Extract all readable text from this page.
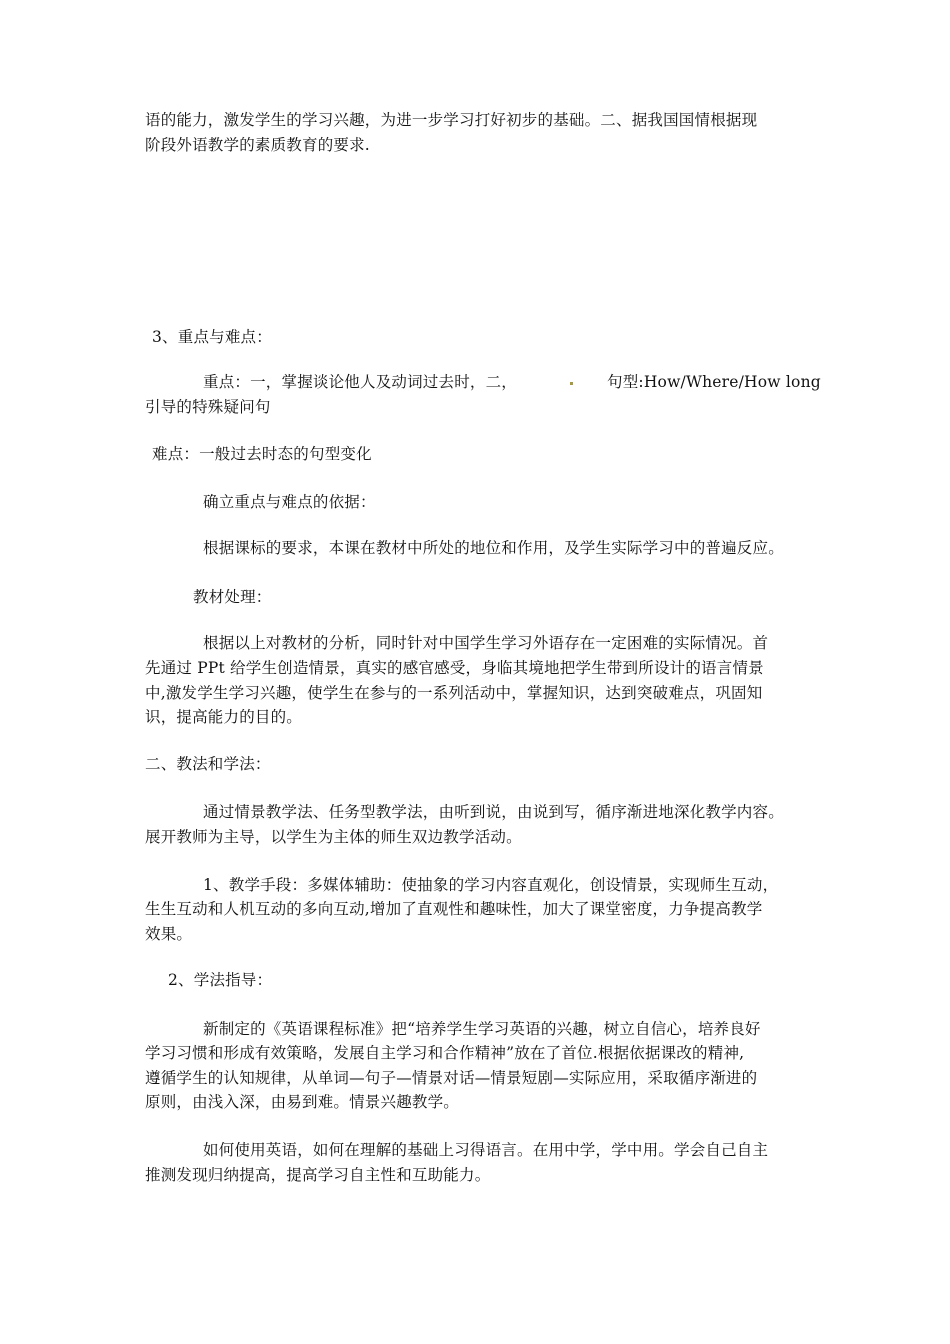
语的能力，激发学生的学习兴趣，为进一步学习打好初步的基础。二、据我国国情根据现
阶段外语教学的素质教育的要求.
3、重点与难点：
重点：一，掌握谈论他人及动词过去时，二，	句型:How/Where/How long
引导的特殊疑问句
难点：一般过去时态的句型变化
确立重点与难点的依据：
根据课标的要求，本课在教材中所处的地位和作用，及学生实际学习中的普遍反应。
教材处理：
根据以上对教材的分析，同时针对中国学生学习外语存在一定困难的实际情况。首
先通过 PPt 给学生创造情景，真实的感官感受，身临其境地把学生带到所设计的语言情景
中,激发学生学习兴趣，使学生在参与的一系列活动中，掌握知识，达到突破难点，巩固知
识，提高能力的目的。
二、教法和学法：
通过情景教学法、任务型教学法，由听到说，由说到写，循序渐进地深化教学内容。
展开教师为主导，以学生为主体的师生双边教学活动。
1、教学手段：多媒体辅助：使抽象的学习内容直观化，创设情景，实现师生互动，
生生互动和人机互动的多向互动,增加了直观性和趣味性，加大了课堂密度，力争提高教学
效果。
2、学法指导：
新制定的《英语课程标准》把“培养学生学习英语的兴趣，树立自信心，培养良好
学习习惯和形成有效策略，发展自主学习和合作精神”放在了首位.根据依据课改的精神,
遵循学生的认知规律，从单词—句子—情景对话—情景短剧—实际应用，采取循序渐进的
原则，由浅入深，由易到难。情景兴趣教学。
如何使用英语，如何在理解的基础上习得语言。在用中学，学中用。学会自己自主
推测发现归纳提高，提高学习自主性和互助能力。
